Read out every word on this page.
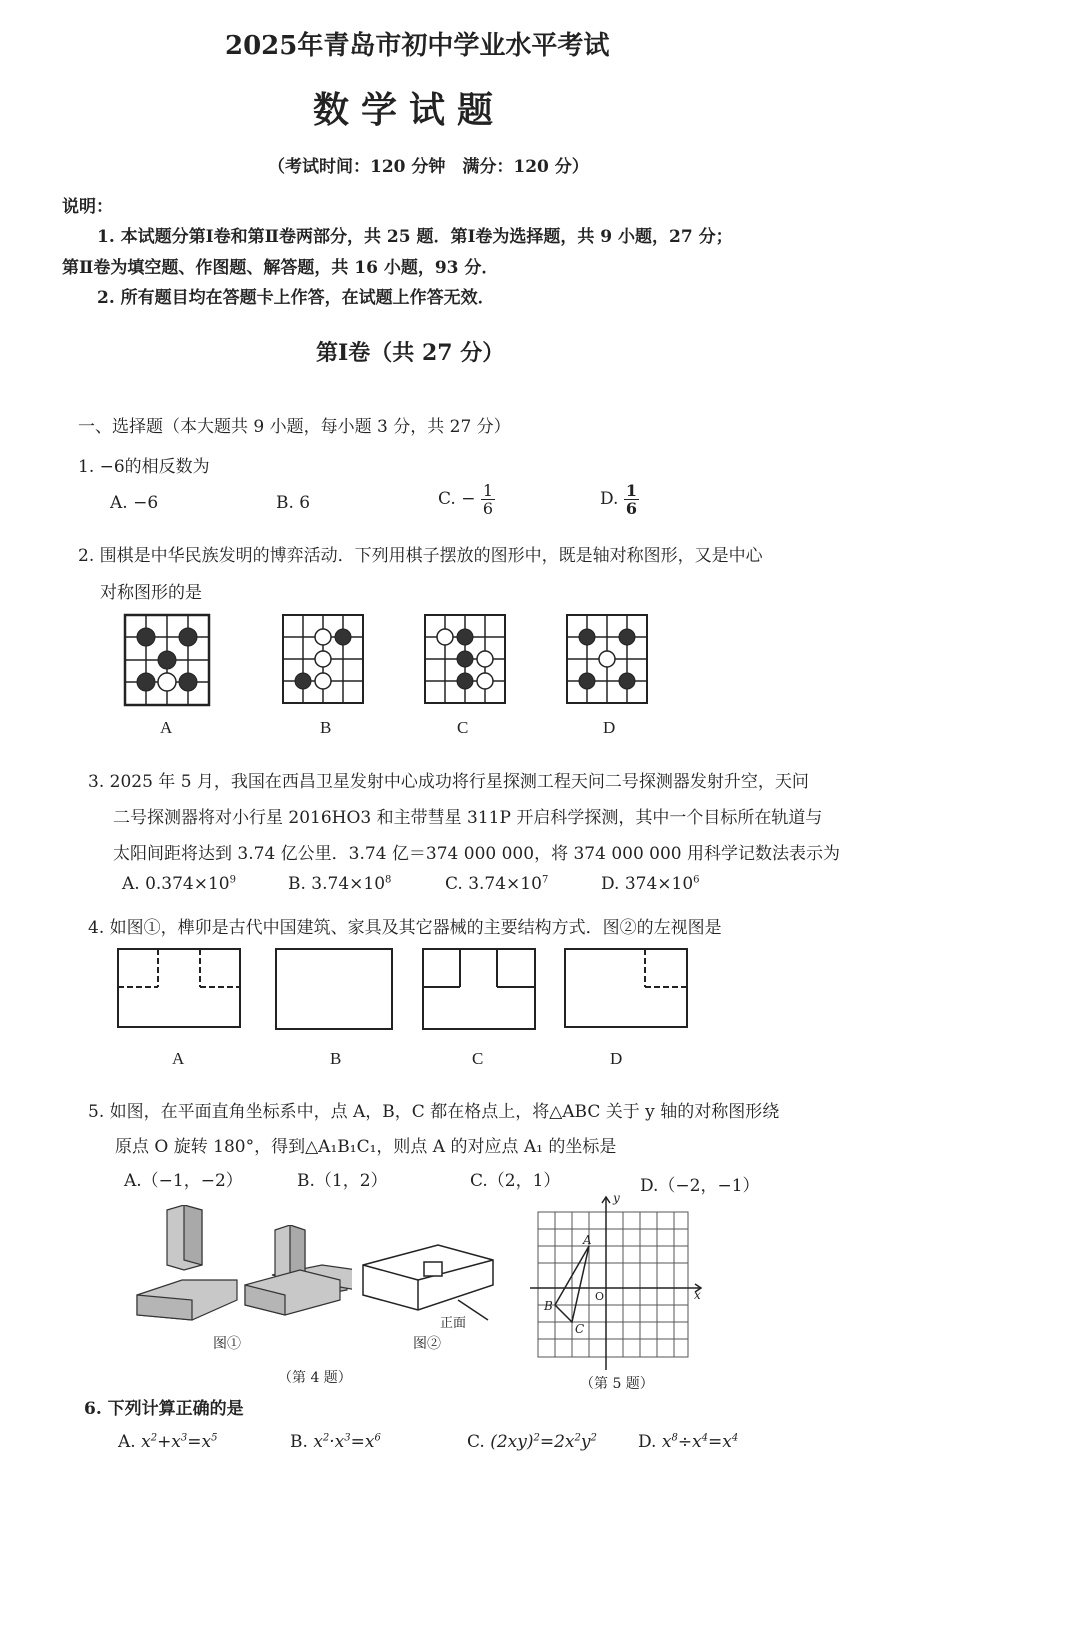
2025年青岛市初中学业水平考试
数学试题
（考试时间：120 分钟　满分：120 分）
说明：
1. 本试题分第Ⅰ卷和第Ⅱ卷两部分，共 25 题．第Ⅰ卷为选择题，共 9 小题，27 分；
第Ⅱ卷为填空题、作图题、解答题，共 16 小题，93 分．
2. 所有题目均在答题卡上作答，在试题上作答无效．
第Ⅰ卷（共 27 分）
一、选择题（本大题共 9 小题，每小题 3 分，共 27 分）
1. −6的相反数为
A. −6	B. 6	C. − $\frac{1}{6}$	D. $\frac{1}{6}$
2. 围棋是中华民族发明的博弈活动．下列用棋子摆放的图形中，既是轴对称图形，又是中心
对称图形的是
A	B	C	D
3. 2025 年 5 月，我国在西昌卫星发射中心成功将行星探测工程天问二号探测器发射升空，天问
二号探测器将对小行星 2016HO3 和主带彗星 311P 开启科学探测，其中一个目标所在轨道与
太阳间距将达到 3.74 亿公里．3.74 亿＝374 000 000，将 374 000 000 用科学记数法表示为
A. $0.374\times 10^9$	B. $3.74\times 10^8$	C. $3.74\times 10^7$	D. $374\times 10^6$
4. 如图①，榫卯是古代中国建筑、家具及其它器械的主要结构方式．图②的左视图是
A	B	C	D
5. 如图，在平面直角坐标系中，点 A，B，C 都在格点上，将△ABC 关于 y 轴的对称图形绕
原点 O 旋转 180°，得到△A₁B₁C₁，则点 A 的对应点 A₁ 的坐标是
A.（−1，−2）	B.（1，2）	C.（2，1）	D.（−2，−1）
正面
图①	图②
（第 4 题）
x
y
O
A
B
C
（第 5 题）
6. 下列计算正确的是
A. $x^2+x^3=x^5$	B. $x^2\cdot x^3=x^6$	C. $(2xy)^2=2x^2y^2$ D. $x^8\div x^4=x^4$
